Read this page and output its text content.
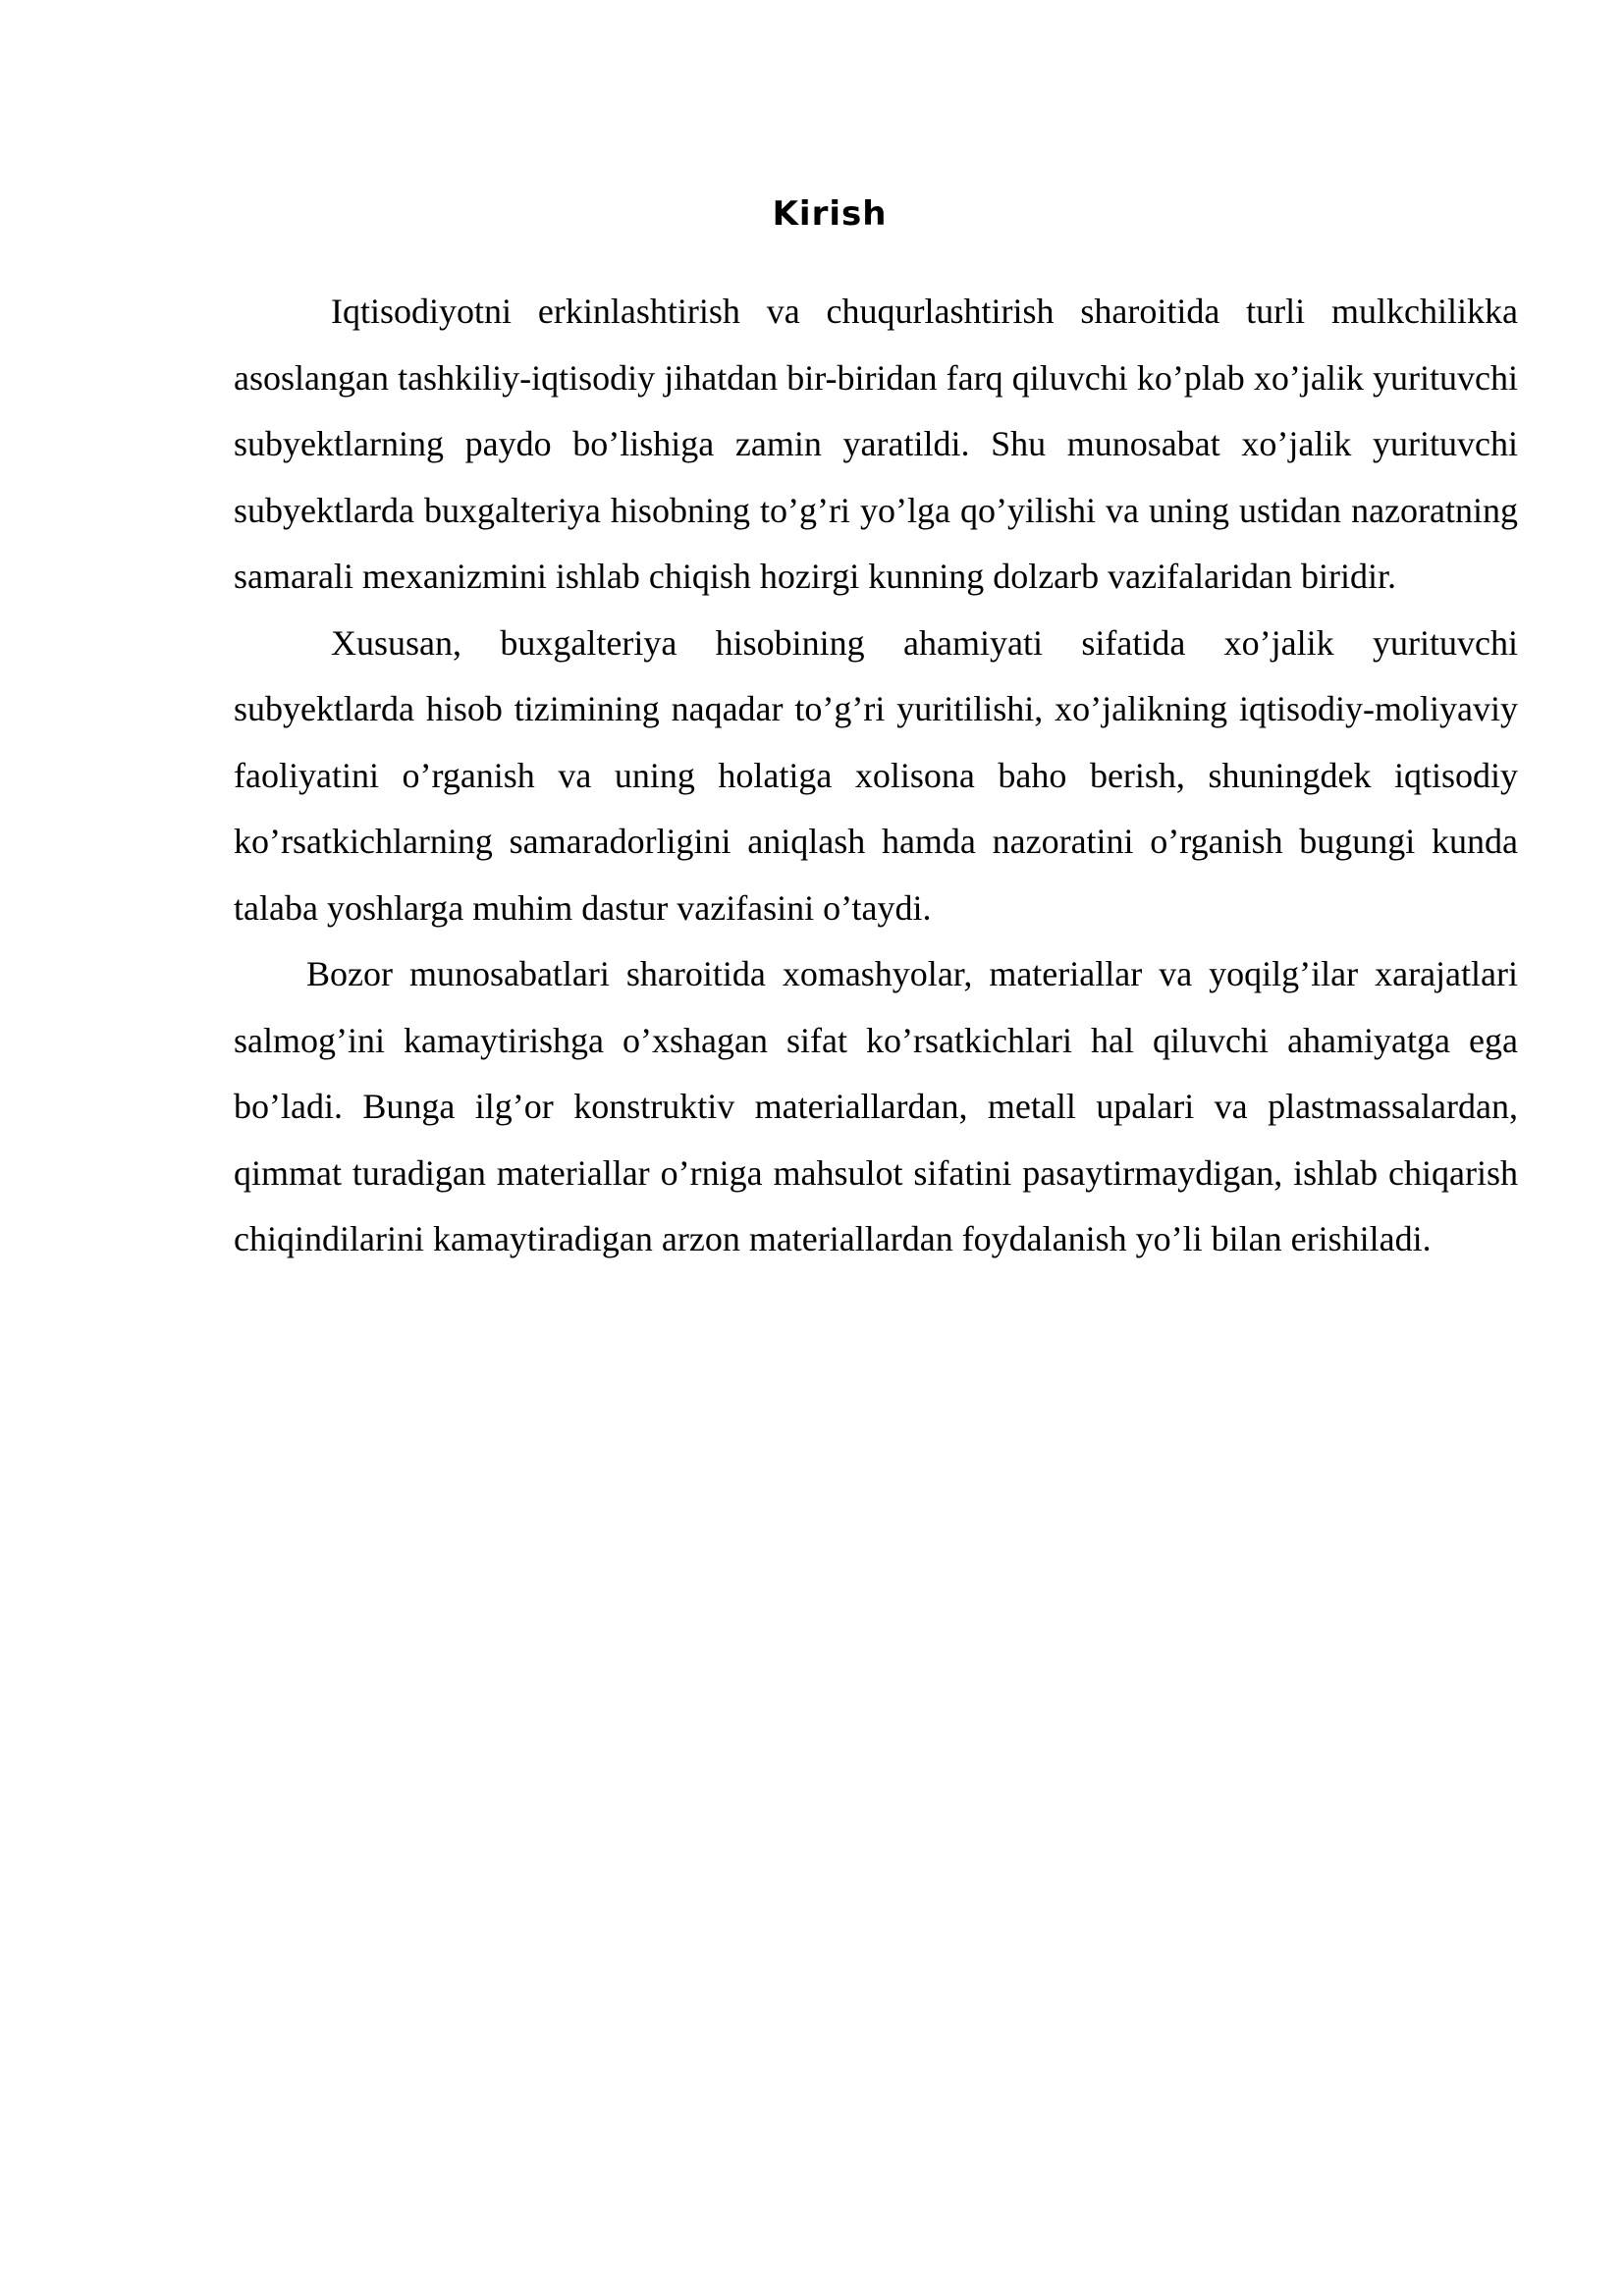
Kirish

Iqtisodiyotni erkinlashtirish va chuqurlashtirish sharoitida turli mulkchilikka asoslangan tashkiliy-iqtisodiy jihatdan bir-biridan farq qiluvchi ko’plab xo’jalik yurituvchi subyektlarning paydo bo’lishiga zamin yaratildi. Shu munosabat xo’jalik yurituvchi subyektlarda buxgalteriya hisobning to’g’ri yo’lga qo’yilishi va uning ustidan nazoratning samarali mexanizmini ishlab chiqish hozirgi kunning dolzarb vazifalaridan biridir.

Xususan, buxgalteriya hisobining ahamiyati sifatida xo’jalik yurituvchi subyektlarda hisob tizimining naqadar to’g’ri yuritilishi, xo’jalikning iqtisodiy-moliyaviy faoliyatini o’rganish va uning holatiga xolisona baho berish, shuningdek iqtisodiy ko’rsatkichlarning samaradorligini aniqlash hamda nazoratini o’rganish bugungi kunda talaba yoshlarga muhim dastur vazifasini o’taydi.

Bozor munosabatlari sharoitida xomashyolar, materiallar va yoqilg’ilar xarajatlari salmog’ini kamaytirishga o’xshagan sifat ko’rsatkichlari hal qiluvchi ahamiyatga ega bo’ladi. Bunga ilg’or konstruktiv materiallardan, metall upalari va plastmassalardan, qimmat turadigan materiallar o’rniga mahsulot sifatini pasaytirmaydigan, ishlab chiqarish chiqindilarini kamaytiradigan arzon materiallardan foydalanish yo’li bilan erishiladi.
